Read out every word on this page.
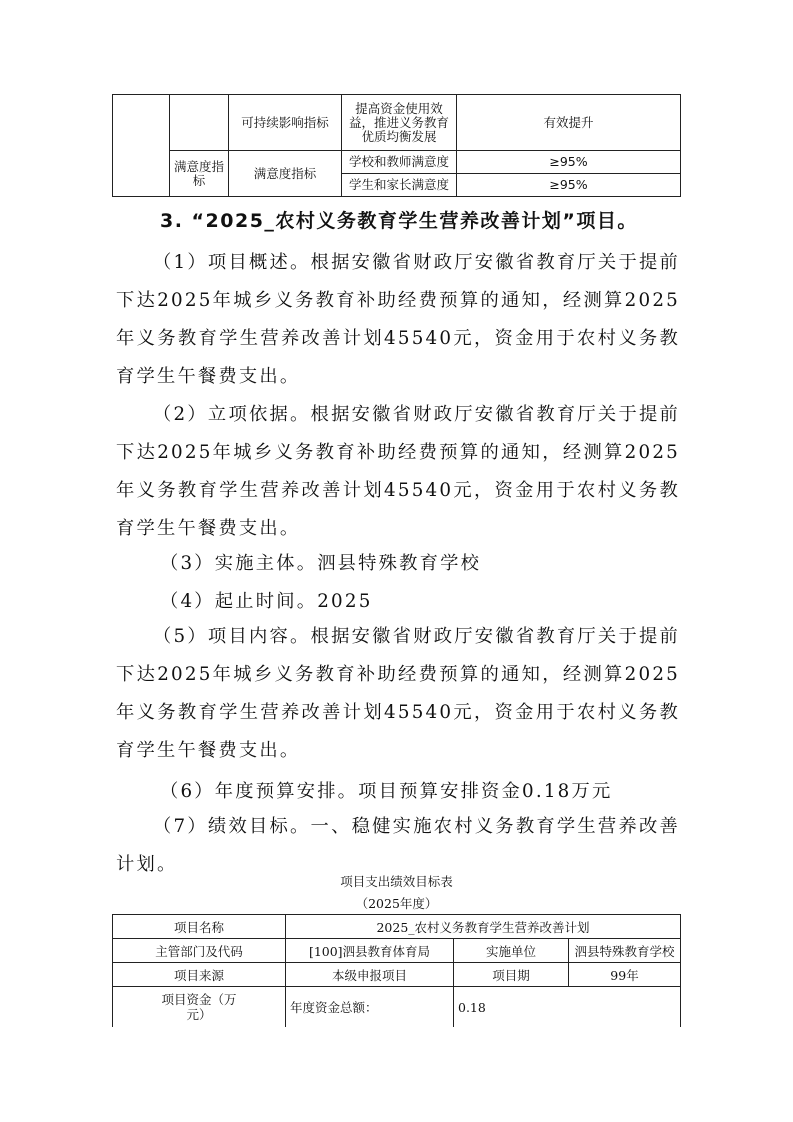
		可持续影响指标	提高资金使用效益，推进义务教育优质均衡发展	有效提升
	满意度指标	满意度指标	学校和教师满意度	≥95%
			学生和家长满意度	≥95%
3. “2025_农村义务教育学生营养改善计划”项目。
（1）项目概述。根据安徽省财政厅安徽省教育厅关于提前下达2025年城乡义务教育补助经费预算的通知，经测算2025年义务教育学生营养改善计划45540元，资金用于农村义务教育学生午餐费支出。
（2）立项依据。根据安徽省财政厅安徽省教育厅关于提前下达2025年城乡义务教育补助经费预算的通知，经测算2025年义务教育学生营养改善计划45540元，资金用于农村义务教育学生午餐费支出。
（3）实施主体。泗县特殊教育学校
（4）起止时间。2025
（5）项目内容。根据安徽省财政厅安徽省教育厅关于提前下达2025年城乡义务教育补助经费预算的通知，经测算2025年义务教育学生营养改善计划45540元，资金用于农村义务教育学生午餐费支出。
（6）年度预算安排。项目预算安排资金0.18万元
（7）绩效目标。一、稳健实施农村义务教育学生营养改善计划。
项目支出绩效目标表
（2025年度）
项目名称	2025_农村义务教育学生营养改善计划		
主管部门及代码	[100]泗县教育体育局	实施单位	泗县特殊教育学校
项目来源	本级申报项目	项目期	99年
项目资金（万元）	年度资金总额：	0.18	
